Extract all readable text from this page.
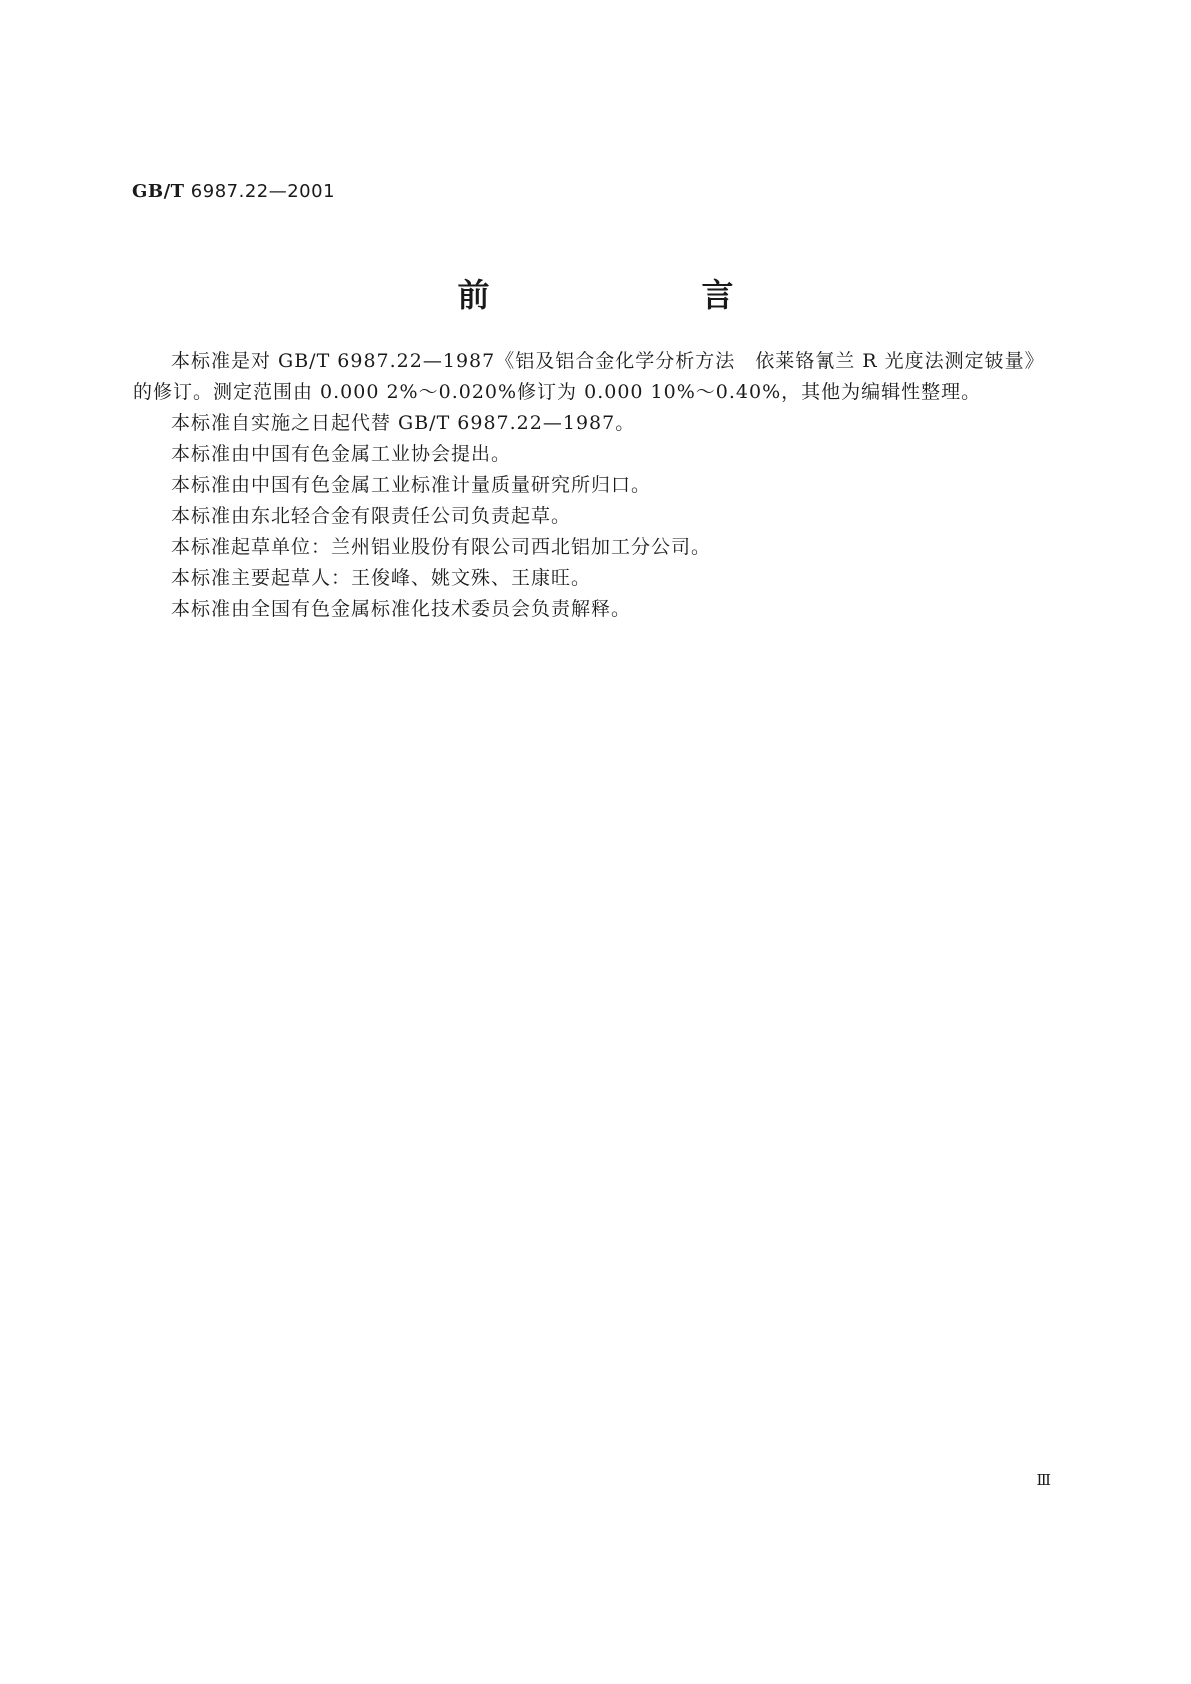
GB/T 6987.22—2001
前　言

本标准是对 GB/T 6987.22—1987《铝及铝合金化学分析方法　依莱铬氰兰 R 光度法测定铍量》的修订。测定范围由 0.000 2%～0.020%修订为 0.000 10%～0.40%，其他为编辑性整理。

本标准自实施之日起代替 GB/T 6987.22—1987。

本标准由中国有色金属工业协会提出。

本标准由中国有色金属工业标准计量质量研究所归口。

本标准由东北轻合金有限责任公司负责起草。

本标准起草单位：兰州铝业股份有限公司西北铝加工分公司。

本标准主要起草人：王俊峰、姚文殊、王康旺。

本标准由全国有色金属标准化技术委员会负责解释。

Ⅲ
